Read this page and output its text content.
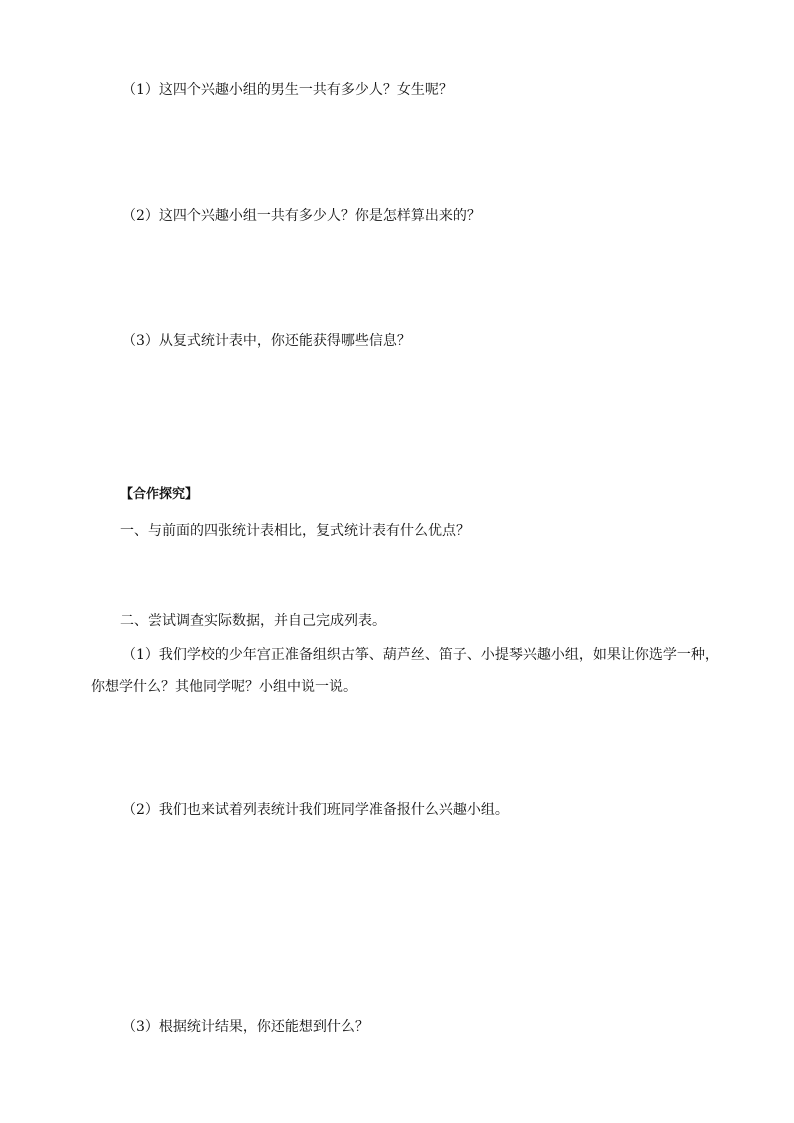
（1）这四个兴趣小组的男生一共有多少人？女生呢？
（2）这四个兴趣小组一共有多少人？你是怎样算出来的？
（3）从复式统计表中，你还能获得哪些信息？
【合作探究】
一、与前面的四张统计表相比，复式统计表有什么优点？
二、尝试调查实际数据，并自己完成列表。
（1）我们学校的少年宫正准备组织古筝、葫芦丝、笛子、小提琴兴趣小组，如果让你选学一种，
你想学什么？其他同学呢？小组中说一说。
（2）我们也来试着列表统计我们班同学准备报什么兴趣小组。
（3）根据统计结果，你还能想到什么？
